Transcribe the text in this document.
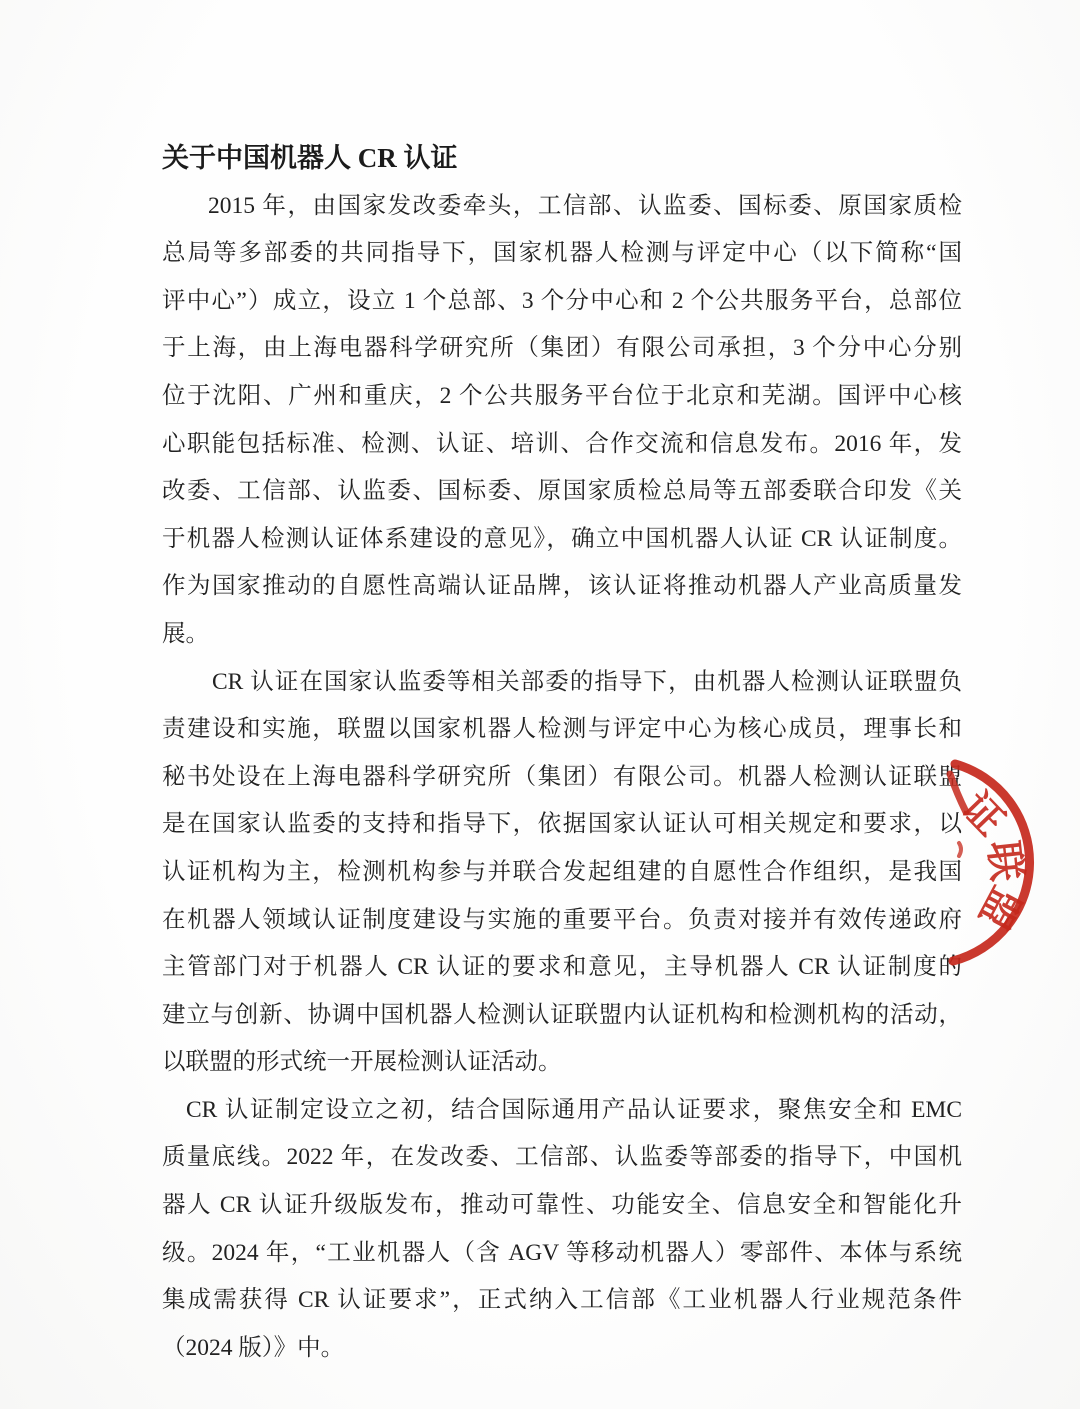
关于中国机器人 CR 认证
2015 年，由国家发改委牵头，工信部、认监委、国标委、原国家质检
总局等多部委的共同指导下，国家机器人检测与评定中心（以下简称“国
评中心”）成立，设立 1 个总部、3 个分中心和 2 个公共服务平台，总部位
于上海，由上海电器科学研究所（集团）有限公司承担，3 个分中心分别
位于沈阳、广州和重庆，2 个公共服务平台位于北京和芜湖。国评中心核
心职能包括标准、检测、认证、培训、合作交流和信息发布。2016 年，发
改委、工信部、认监委、国标委、原国家质检总局等五部委联合印发《关
于机器人检测认证体系建设的意见》，确立中国机器人认证 CR 认证制度。
作为国家推动的自愿性高端认证品牌，该认证将推动机器人产业高质量发
展。
CR 认证在国家认监委等相关部委的指导下，由机器人检测认证联盟负
责建设和实施，联盟以国家机器人检测与评定中心为核心成员，理事长和
秘书处设在上海电器科学研究所（集团）有限公司。机器人检测认证联盟
是在国家认监委的支持和指导下，依据国家认证认可相关规定和要求，以
认证机构为主，检测机构参与并联合发起组建的自愿性合作组织，是我国
在机器人领域认证制度建设与实施的重要平台。负责对接并有效传递政府
主管部门对于机器人 CR 认证的要求和意见，主导机器人 CR 认证制度的
建立与创新、协调中国机器人检测认证联盟内认证机构和检测机构的活动，
以联盟的形式统一开展检测认证活动。
CR 认证制定设立之初，结合国际通用产品认证要求，聚焦安全和 EMC
质量底线。2022 年，在发改委、工信部、认监委等部委的指导下，中国机
器人 CR 认证升级版发布，推动可靠性、功能安全、信息安全和智能化升
级。2024 年，“工业机器人（含 AGV 等移动机器人）零部件、本体与系统
集成需获得 CR 认证要求”，正式纳入工信部《工业机器人行业规范条件
（2024 版）》中。
证
联
盟
